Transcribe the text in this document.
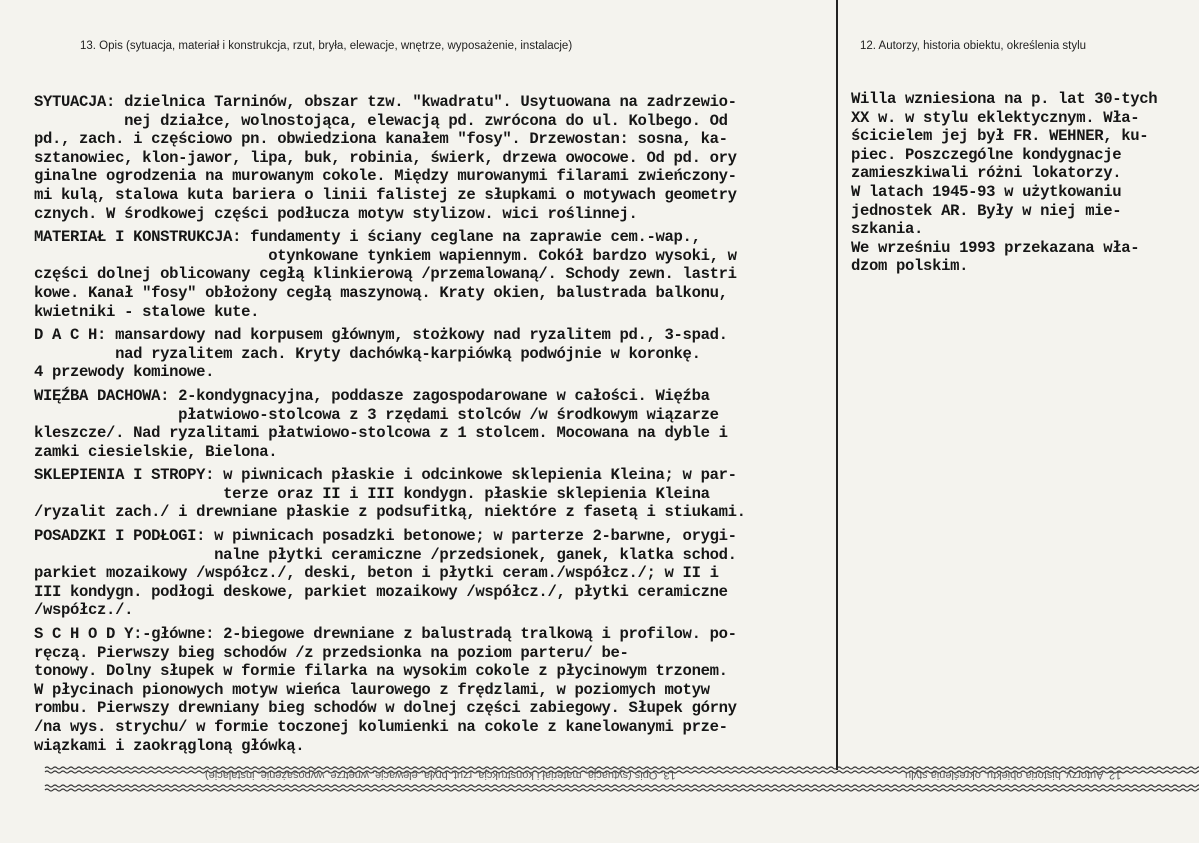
13. Opis (sytuacja, materiał i konstrukcja, rzut, bryła, elewacje, wnętrze, wyposażenie, instalacje)	12. Autorzy, historia obiektu, określenia stylu
SYTUACJA: dzielnica Tarninów, obszar tzw. "kwadratu". Usytuowana na zadrzewio-
nej działce, wolnostojąca, elewacją pd. zwrócona do ul. Kolbego. Od
pd., zach. i częściowo pn. obwiedziona kanałem "fosy". Drzewostan: sosna, ka-
sztanowiec, klon-jawor, lipa, buk, robinia, świerk, drzewa owocowe. Od pd. ory
ginalne ogrodzenia na murowanym cokole. Między murowanymi filarami zwieńczony-
mi kulą, stalowa kuta bariera o linii falistej ze słupkami o motywach geometry
cznych. W środkowej części podłucza motyw stylizow. wici roślinnej.
MATERIAŁ I KONSTRUKCJA: fundamenty i ściany ceglane na zaprawie cem.-wap.,
otynkowane tynkiem wapiennym. Cokół bardzo wysoki, w
części dolnej oblicowany cegłą klinkierową /przemalowaną/. Schody zewn. lastri
kowe. Kanał "fosy" obłożony cegłą maszynową. Kraty okien, balustrada balkonu,
kwietniki - stalowe kute.
D A C H: mansardowy nad korpusem głównym, stożkowy nad ryzalitem pd., 3-spad.
nad ryzalitem zach. Kryty dachówką-karpiówką podwójnie w koronkę.
4 przewody kominowe.
WIĘŹBA DACHOWA: 2-kondygnacyjna, poddasze zagospodarowane w całości. Więźba
płatwiowo-stolcowa z 3 rzędami stolców /w środkowym wiązarze
kleszcze/. Nad ryzalitami płatwiowo-stolcowa z 1 stolcem. Mocowana na dyble i
zamki ciesielskie, Bielona.
SKLEPIENIA I STROPY: w piwnicach płaskie i odcinkowe sklepienia Kleina; w par-
terze oraz II i III kondygn. płaskie sklepienia Kleina
/ryzalit zach./ i drewniane płaskie z podsufitką, niektóre z fasetą i stiukami.
POSADZKI I PODŁOGI: w piwnicach posadzki betonowe; w parterze 2-barwne, orygi-
nalne płytki ceramiczne /przedsionek, ganek, klatka schod.
parkiet mozaikowy /współcz./, deski, beton i płytki ceram./współcz./; w II i
III kondygn. podłogi deskowe, parkiet mozaikowy /współcz./, płytki ceramiczne
/współcz./.
S C H O D Y:-główne: 2-biegowe drewniane z balustradą tralkową i profilow. po-
ręczą. Pierwszy bieg schodów /z przedsionka na poziom parteru/ be-
tonowy. Dolny słupek w formie filarka na wysokim cokole z płycinowym trzonem.
W płycinach pionowych motyw wieńca laurowego z frędzlami, w poziomych motyw
rombu. Pierwszy drewniany bieg schodów w dolnej części zabiegowy. Słupek górny
/na wys. strychu/ w formie toczonej kolumienki na cokole z kanelowanymi prze-
wiązkami i zaokrągloną główką.
Willa wzniesiona na p. lat 30-tych
XX w. w stylu eklektycznym. Wła-
ścicielem jej był FR. WEHNER, ku-
piec. Poszczególne kondygnacje
zamieszkiwali różni lokatorzy.
W latach 1945-93 w użytkowaniu
jednostek AR. Były w niej mie-
szkania.
We wrześniu 1993 przekazana wła-
dzom polskim.
13. Opis (sytuacja, materiał i konstrukcja, rzut, bryła, elewacje, wnętrze, wyposażenie, instalacje)	12. Autorzy, historia obiektu, określenia stylu
